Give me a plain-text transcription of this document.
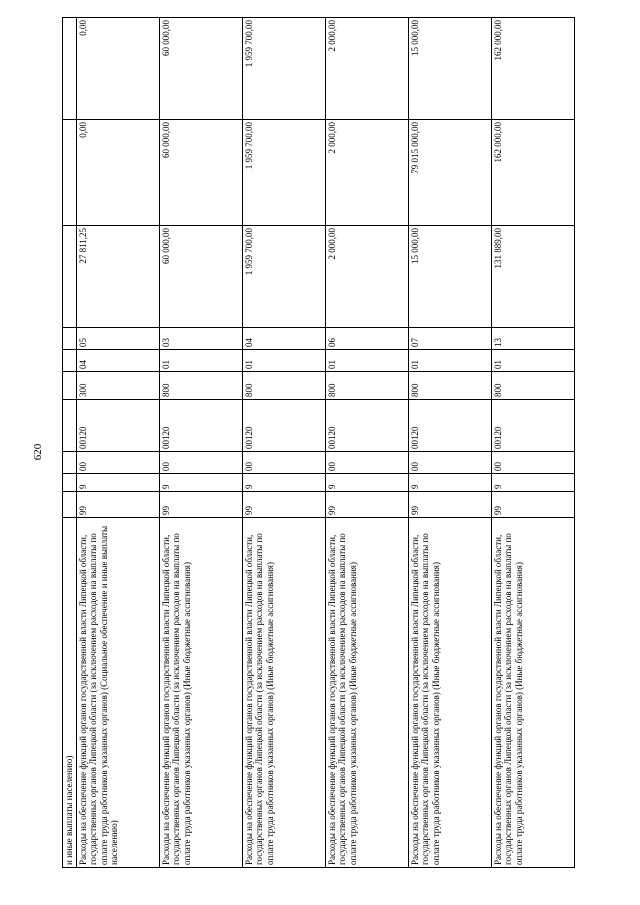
620
и иные выплаты населению)										
Расходы на обеспечение функций органов государственной власти Липецкой области, государственных органов Липецкой области (за исключением расходов на выплаты по оплате труда работников указанных органов) (Социальное обеспечение и иные выплаты населению)	99	9	00	00120	300	04	05	27 811,25	0,00	0,00
Расходы на обеспечение функций органов государственной власти Липецкой области, государственных органов Липецкой области (за исключением расходов на выплаты по оплате труда работников указанных органов) (Иные бюджетные ассигнования)	99	9	00	00120	800	01	03	60 000,00	60 000,00	60 000,00
Расходы на обеспечение функций органов государственной власти Липецкой области, государственных органов Липецкой области (за исключением расходов на выплаты по оплате труда работников указанных органов) (Иные бюджетные ассигнования)	99	9	00	00120	800	01	04	1 959 700,00	1 959 700,00	1 959 700,00
Расходы на обеспечение функций органов государственной власти Липецкой области, государственных органов Липецкой области (за исключением расходов на выплаты по оплате труда работников указанных органов) (Иные бюджетные ассигнования)	99	9	00	00120	800	01	06	2 000,00	2 000,00	2 000,00
Расходы на обеспечение функций органов государственной власти Липецкой области, государственных органов Липецкой области (за исключением расходов на выплаты по оплате труда работников указанных органов) (Иные бюджетные ассигнования)	99	9	00	00120	800	01	07	15 000,00	79 015 000,00	15 000,00
Расходы на обеспечение функций органов государственной власти Липецкой области, государственных органов Липецкой области (за исключением расходов на выплаты по оплате труда работников указанных органов) (Иные бюджетные ассигнования)	99	9	00	00120	800	01	13	131 889,00	162 000,00	162 000,00
